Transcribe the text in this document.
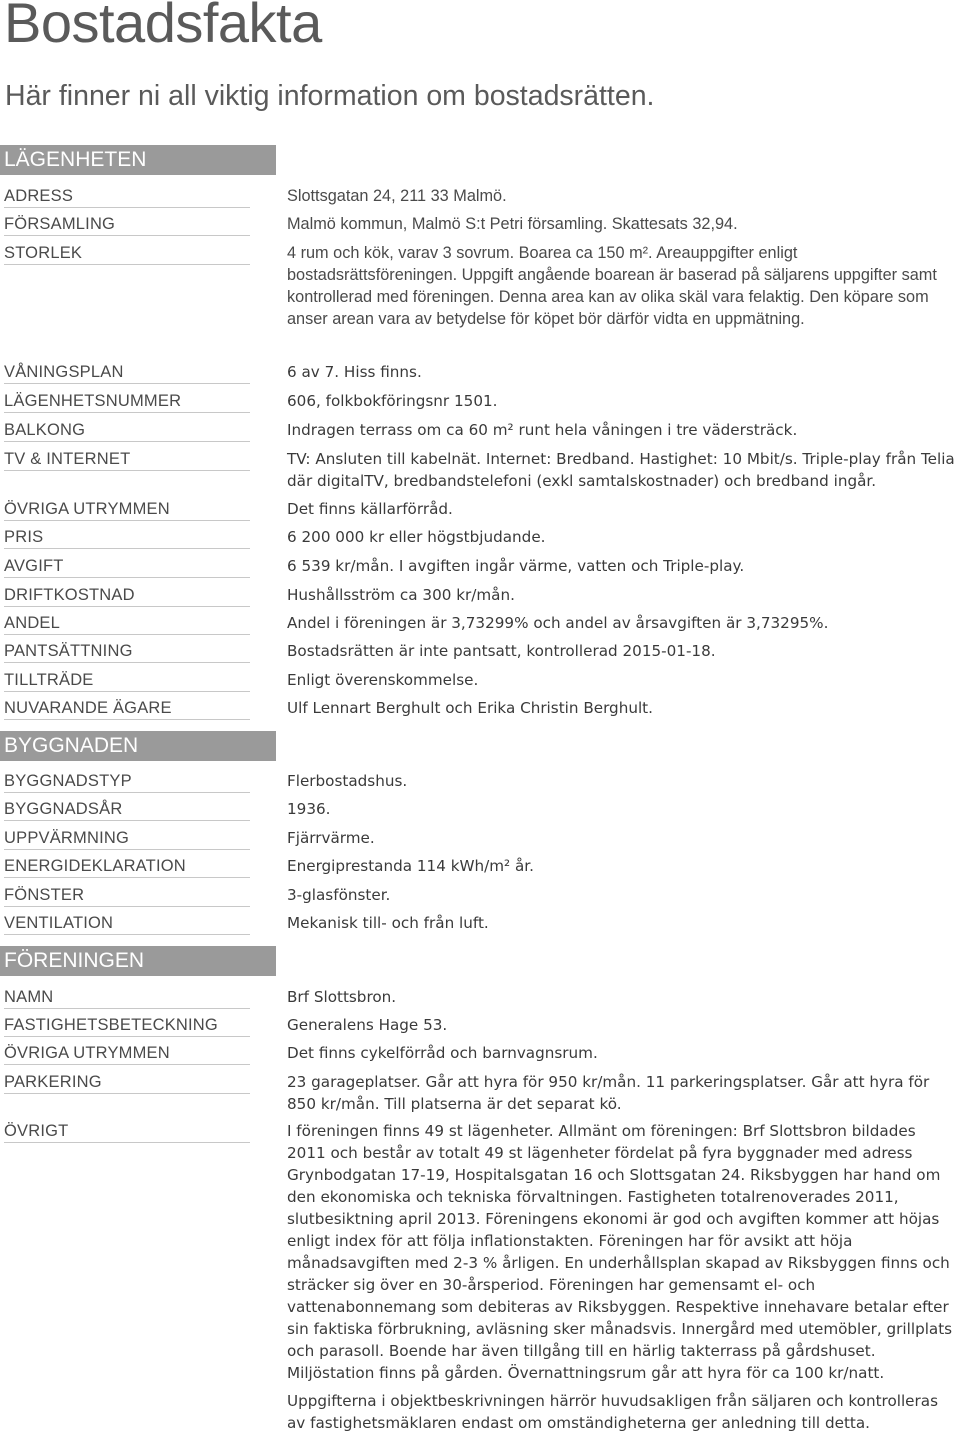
Bostadsfakta
Här finner ni all viktig information om bostadsrätten.
LÄGENHETEN
ADRESS	Slottsgatan 24, 211 33 Malmö.

FÖRSAMLING	Malmö kommun, Malmö S:t Petri församling. Skattesats 32,94.

STORLEK	4 rum och kök, varav 3 sovrum. Boarea ca 150 m². Areauppgifter enligt bostadsrättsföreningen. Uppgift angående boarean är baserad på säljarens uppgifter samt kontrollerad med föreningen. Denna area kan av olika skäl vara felaktig. Den köpare som anser arean vara av betydelse för köpet bör därför vidta en uppmätning.

VÅNINGSPLAN	6 av 7. Hiss finns.

LÄGENHETSNUMMER	606, folkbokföringsnr 1501.

BALKONG	Indragen terrass om ca 60 m² runt hela våningen i tre vädersträck.

TV & INTERNET	TV: Ansluten till kabelnät. Internet: Bredband. Hastighet: 10 Mbit/s. Triple-play från Telia där digitalTV, bredbandstelefoni (exkl samtalskostnader) och bredband ingår.

ÖVRIGA UTRYMMEN	Det finns källarförråd.

PRIS	6 200 000 kr eller högstbjudande.

AVGIFT	6 539 kr/mån. I avgiften ingår värme, vatten och Triple-play.

DRIFTKOSTNAD	Hushållsström ca 300 kr/mån.

ANDEL	Andel i föreningen är 3,73299% och andel av årsavgiften är 3,73295%.

PANTSÄTTNING	Bostadsrätten är inte pantsatt, kontrollerad 2015-01-18.

TILLTRÄDE	Enligt överenskommelse.

NUVARANDE ÄGARE	Ulf Lennart Berghult och Erika Christin Berghult.

BYGGNADEN
BYGGNADSTYP	Flerbostadshus.

BYGGNADSÅR	1936.

UPPVÄRMNING	Fjärrvärme.

ENERGIDEKLARATION	Energiprestanda 114 kWh/m² år.

FÖNSTER	3-glasfönster.

VENTILATION	Mekanisk till- och från luft.

FÖRENINGEN
NAMN	Brf Slottsbron.

FASTIGHETSBETECKNING	Generalens Hage 53.

ÖVRIGA UTRYMMEN	Det finns cykelförråd och barnvagnsrum.

PARKERING	23 garageplatser. Går att hyra för 950 kr/mån. 11 parkeringsplatser. Går att hyra för 850 kr/mån. Till platserna är det separat kö.

ÖVRIGT	I föreningen finns 49 st lägenheter. Allmänt om föreningen: Brf Slottsbron bildades 2011 och består av totalt 49 st lägenheter fördelat på fyra byggnader med adress Grynbodgatan 17-19, Hospitalsgatan 16 och Slottsgatan 24. Riksbyggen har hand om den ekonomiska och tekniska förvaltningen. Fastigheten totalrenoverades 2011, slutbesiktning april 2013. Föreningens ekonomi är god och avgiften kommer att höjas enligt index för att följa inflationstakten. Föreningen har för avsikt att höja månadsavgiften med 2-3 % årligen. En underhållsplan skapad av Riksbyggen finns och sträcker sig över en 30-årsperiod. Föreningen har gemensamt el- och vattenabonnemang som debiteras av Riksbyggen. Respektive innehavare betalar efter sin faktiska förbrukning, avläsning sker månadsvis. Innergård med utemöbler, grillplats och parasoll. Boende har även tillgång till en härlig takterrass på gårdshuset. Miljöstation finns på gården. Övernattningsrum går att hyra för ca 100 kr/natt.

Uppgifterna i objektbeskrivningen härrör huvudsakligen från säljaren och kontrolleras av fastighetsmäklaren endast om omständigheterna ger anledning till detta.
